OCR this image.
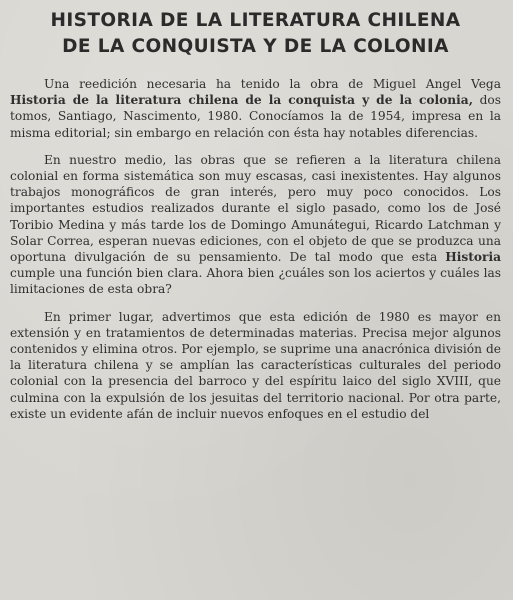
HISTORIA DE LA LITERATURA CHILENA
DE LA CONQUISTA Y DE LA COLONIA

Una reedición necesaria ha tenido la obra de Miguel Angel Vega Historia de la literatura chilena de la conquista y de la colonia, dos tomos, Santiago, Nascimento, 1980. Conocíamos la de 1954, impresa en la misma editorial; sin embargo en relación con ésta hay notables diferencias.

En nuestro medio, las obras que se refieren a la literatura chilena colonial en forma sistemática son muy escasas, casi inexistentes. Hay algunos trabajos monográficos de gran interés, pero muy poco conocidos. Los importantes estudios realizados durante el siglo pasado, como los de José Toribio Medina y más tarde los de Domingo Amunátegui, Ricardo Latchman y Solar Correa, esperan nuevas ediciones, con el objeto de que se produzca una oportuna divulgación de su pensamiento. De tal modo que esta Historia cumple una función bien clara. Ahora bien ¿cuáles son los aciertos y cuáles las limitaciones de esta obra?

En primer lugar, advertimos que esta edición de 1980 es mayor en extensión y en tratamientos de determinadas materias. Precisa mejor algunos contenidos y elimina otros. Por ejemplo, se suprime una anacrónica división de la literatura chilena y se amplían las características culturales del periodo colonial con la presencia del barroco y del espíritu laico del siglo XVIII, que culmina con la expulsión de los jesuitas del territorio nacional. Por otra parte, existe un evidente afán de incluir nuevos enfoques en el estudio del
